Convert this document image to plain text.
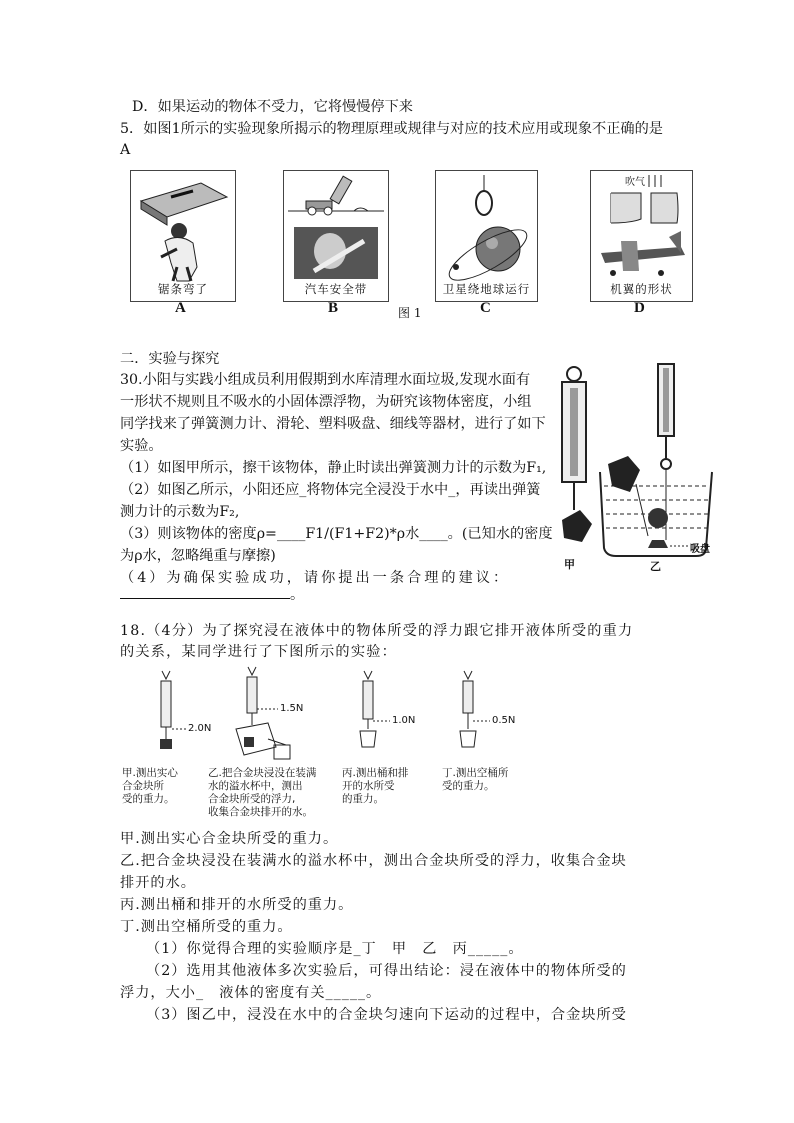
D．如果运动的物体不受力，它将慢慢停下来
5．如图1所示的实验现象所揭示的物理原理或规律与对应的技术应用或现象不正确的是
A
锯条弯了	汽车安全带	卫星绕地球运行
吹气
机翼的形状
A	B	C	D
图 1
二．实验与探究
30.小阳与实践小组成员利用假期到水库清理水面垃圾,发现水面有
一形状不规则且不吸水的小固体漂浮物，为研究该物体密度，小组
同学找来了弹簧测力计、滑轮、塑料吸盘、细线等器材，进行了如下
实验。
（1）如图甲所示，擦干该物体，静止时读出弹簧测力计的示数为F₁,
（2）如图乙所示，小阳还应_将物体完全浸没于水中_，再读出弹簧
测力计的示数为F₂,
（3）则该物体的密度ρ=____F1/(F1+F2)*ρ水____。(已知水的密度
为ρ水，忽略绳重与摩擦)
（4）为确保实验成功，请你提出一条合理的建议：
。
甲	乙
吸盘
18.（4分）为了探究浸在液体中的物体所受的浮力跟它排开液体所受的重力
的关系，某同学进行了下图所示的实验：
2.0N
1.5N
1.0N	0.5N
甲.测出实心
合金块所
受的重力。
乙.把合金块浸没在装满
水的溢水杯中，测出
合金块所受的浮力,
收集合金块排开的水。
丙.测出桶和排
开的水所受
的重力。
丁.测出空桶所
受的重力。
甲.测出实心合金块所受的重力。
乙.把合金块浸没在装满水的溢水杯中，测出合金块所受的浮力，收集合金块
排开的水。
丙.测出桶和排开的水所受的重力。
丁.测出空桶所受的重力。
（1）你觉得合理的实验顺序是_丁　甲　乙　丙_____。
（2）选用其他液体多次实验后，可得出结论：浸在液体中的物体所受的
浮力，大小_　液体的密度有关_____。
（3）图乙中，浸没在水中的合金块匀速向下运动的过程中，合金块所受
